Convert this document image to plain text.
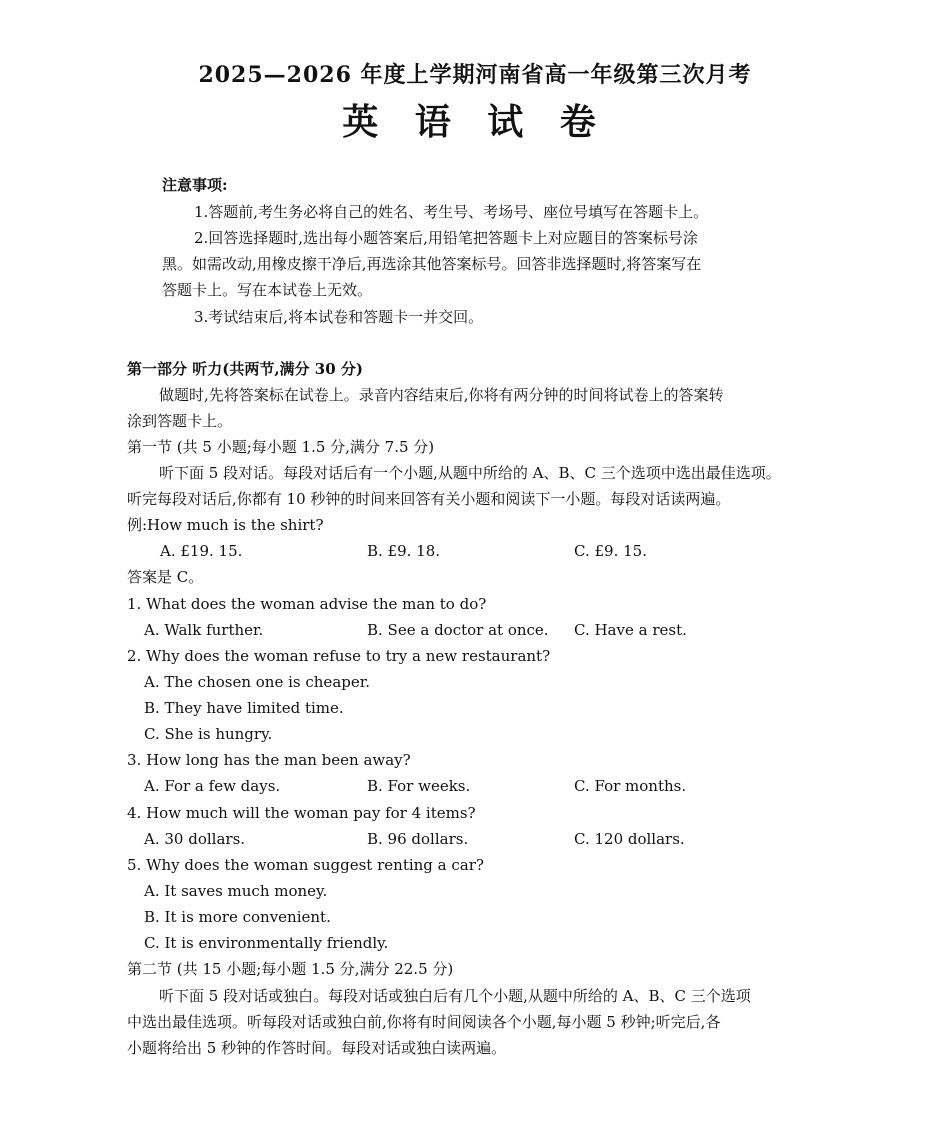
2025—2026 年度上学期河南省高一年级第三次月考
英 语 试 卷
注意事项:
1.答题前,考生务必将自己的姓名、考生号、考场号、座位号填写在答题卡上。
2.回答选择题时,选出每小题答案后,用铅笔把答题卡上对应题目的答案标号涂
黑。如需改动,用橡皮擦干净后,再选涂其他答案标号。回答非选择题时,将答案写在
答题卡上。写在本试卷上无效。
3.考试结束后,将本试卷和答题卡一并交回。
第一部分 听力(共两节,满分 30 分)
做题时,先将答案标在试卷上。录音内容结束后,你将有两分钟的时间将试卷上的答案转
涂到答题卡上。
第一节 (共 5 小题;每小题 1.5 分,满分 7.5 分)
听下面 5 段对话。每段对话后有一个小题,从题中所给的 A、B、C 三个选项中选出最佳选项。
听完每段对话后,你都有 10 秒钟的时间来回答有关小题和阅读下一小题。每段对话读两遍。
例:How much is the shirt?
A. £19. 15.	B. £9. 18.	C. £9. 15.
答案是 C。
1. What does the woman advise the man to do?
A. Walk further.	B. See a doctor at once. C. Have a rest.
2. Why does the woman refuse to try a new restaurant?
A. The chosen one is cheaper.
B. They have limited time.
C. She is hungry.
3. How long has the man been away?
A. For a few days.	B. For weeks.	C. For months.
4. How much will the woman pay for 4 items?
A. 30 dollars.	B. 96 dollars.	C. 120 dollars.
5. Why does the woman suggest renting a car?
A. It saves much money.
B. It is more convenient.
C. It is environmentally friendly.
第二节 (共 15 小题;每小题 1.5 分,满分 22.5 分)
听下面 5 段对话或独白。每段对话或独白后有几个小题,从题中所给的 A、B、C 三个选项
中选出最佳选项。听每段对话或独白前,你将有时间阅读各个小题,每小题 5 秒钟;听完后,各
小题将给出 5 秒钟的作答时间。每段对话或独白读两遍。
